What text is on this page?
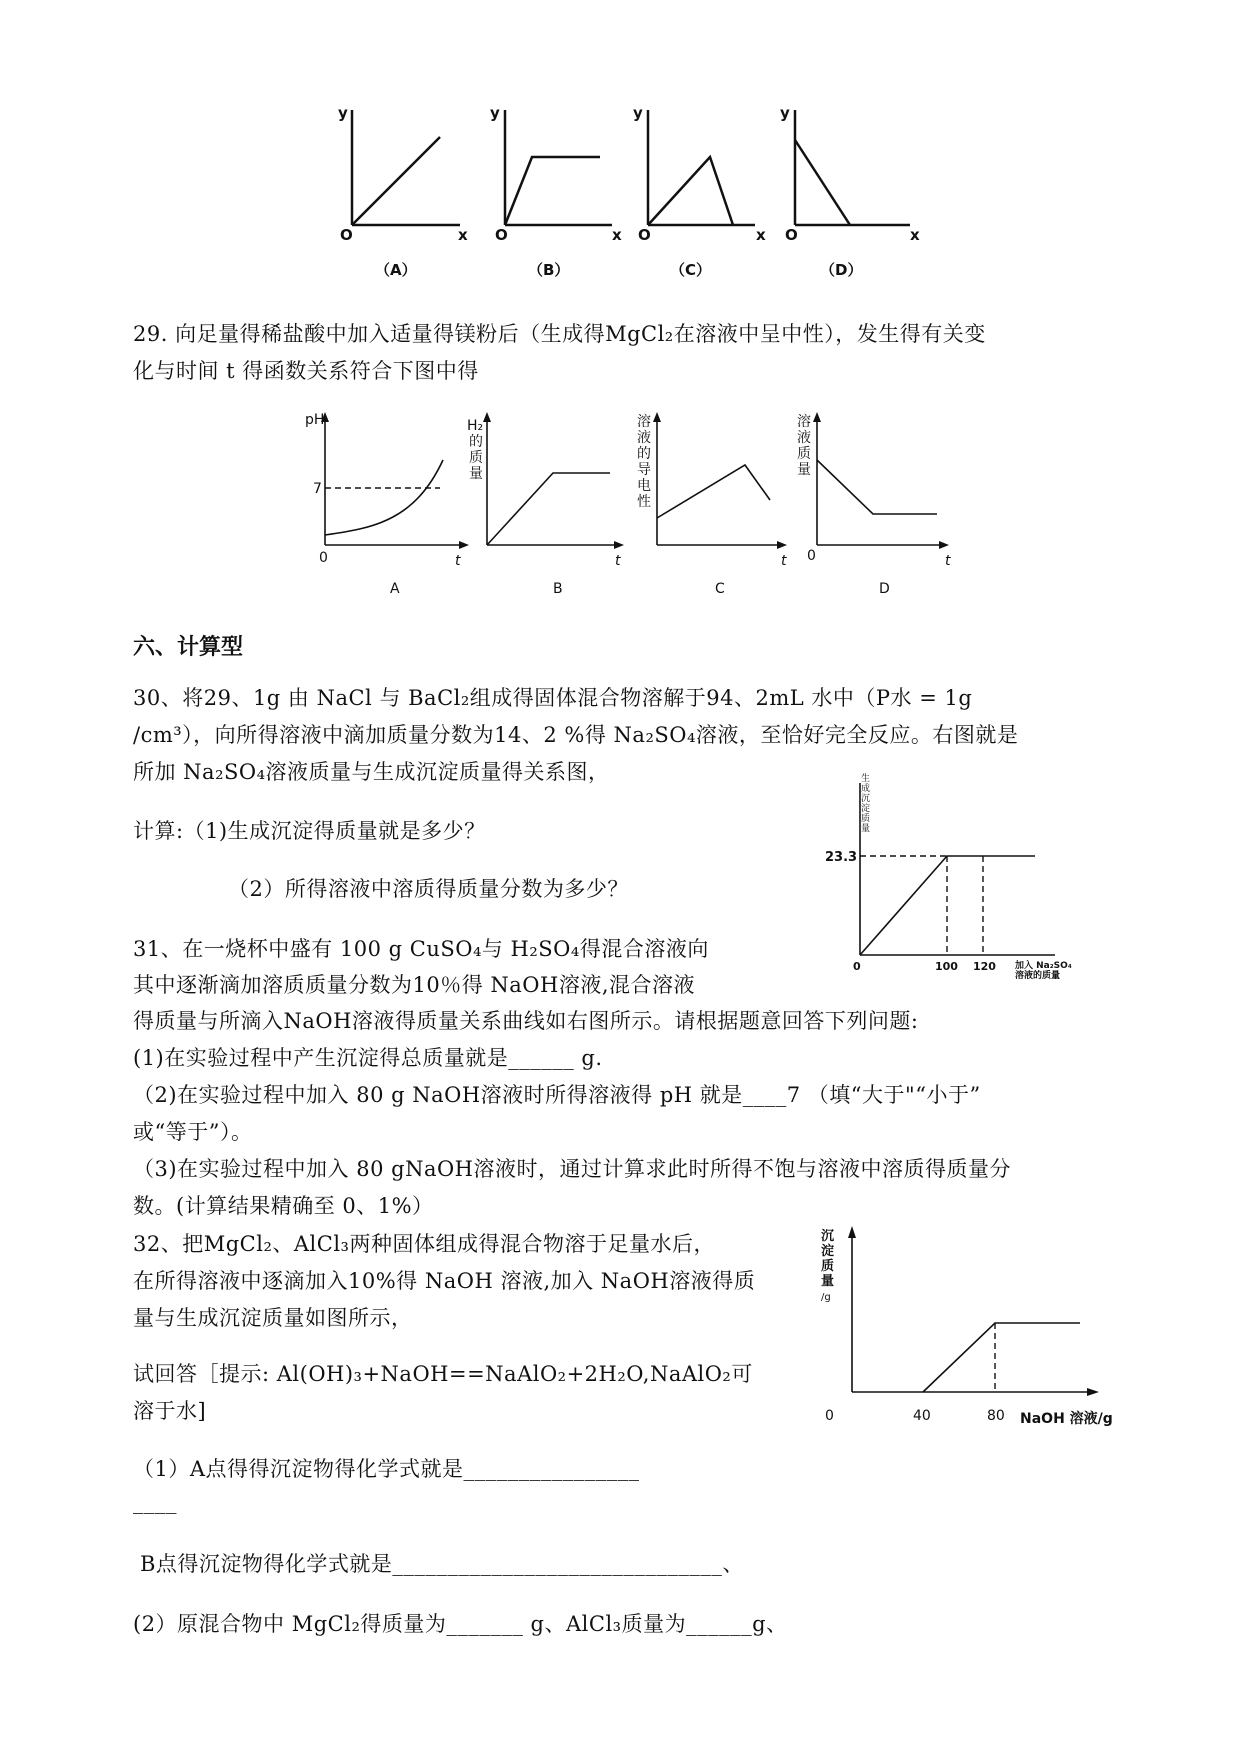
y
x
O
（A）
y
x
O
（B）
y
x
O
（C）
y
x
O
（D）
29. 向足量得稀盐酸中加入适量得镁粉后（生成得MgCl₂在溶液中呈中性），发生得有关变
化与时间 t 得函数关系符合下图中得
pH
7
0	t
A
H₂
的
质
量
t
B
溶
液
的
导
电
性
t
C
溶
液
质
量
0	t
D
六、计算型
30、将29、1g 由 NaCl 与 BaCl₂组成得固体混合物溶解于94、2mL 水中（P水 = 1g
/cm³），向所得溶液中滴加质量分数为14、2 %得 Na₂SO₄溶液，至恰好完全反应。右图就是
所加 Na₂SO₄溶液质量与生成沉淀质量得关系图，
计算:（1)生成沉淀得质量就是多少？
（2）所得溶液中溶质得质量分数为多少？
生
成
沉
淀
质
量
23.3
0	100 120 加入 Na₂SO₄
溶液的质量
31、在一烧杯中盛有 100 g CuSO₄与 H₂SO₄得混合溶液向
其中逐渐滴加溶质质量分数为10％得 NaOH溶液,混合溶液
得质量与所滴入NaOH溶液得质量关系曲线如右图所示。请根据题意回答下列问题:
(1)在实验过程中产生沉淀得总质量就是______ g.
（2)在实验过程中加入 80 g NaOH溶液时所得溶液得 pH 就是____7 （填“大于"“小于”
或“等于”）。
（3)在实验过程中加入 80 gNaOH溶液时，通过计算求此时所得不饱与溶液中溶质得质量分
数。(计算结果精确至 0、1%）
32、把MgCl₂、AlCl₃两种固体组成得混合物溶于足量水后，
在所得溶液中逐滴加入10%得 NaOH 溶液,加入 NaOH溶液得质
量与生成沉淀质量如图所示，
试回答［提示: Al(OH)₃+NaOH==NaAlO₂+2H₂O,NaAlO₂可
溶于水]
（1）A点得得沉淀物得化学式就是________________
____
B点得沉淀物得化学式就是______________________________、
(2）原混合物中 MgCl₂得质量为_______ g、AlCl₃质量为______g、
沉
淀
质
量
/g
0	40	80 NaOH 溶液/g
